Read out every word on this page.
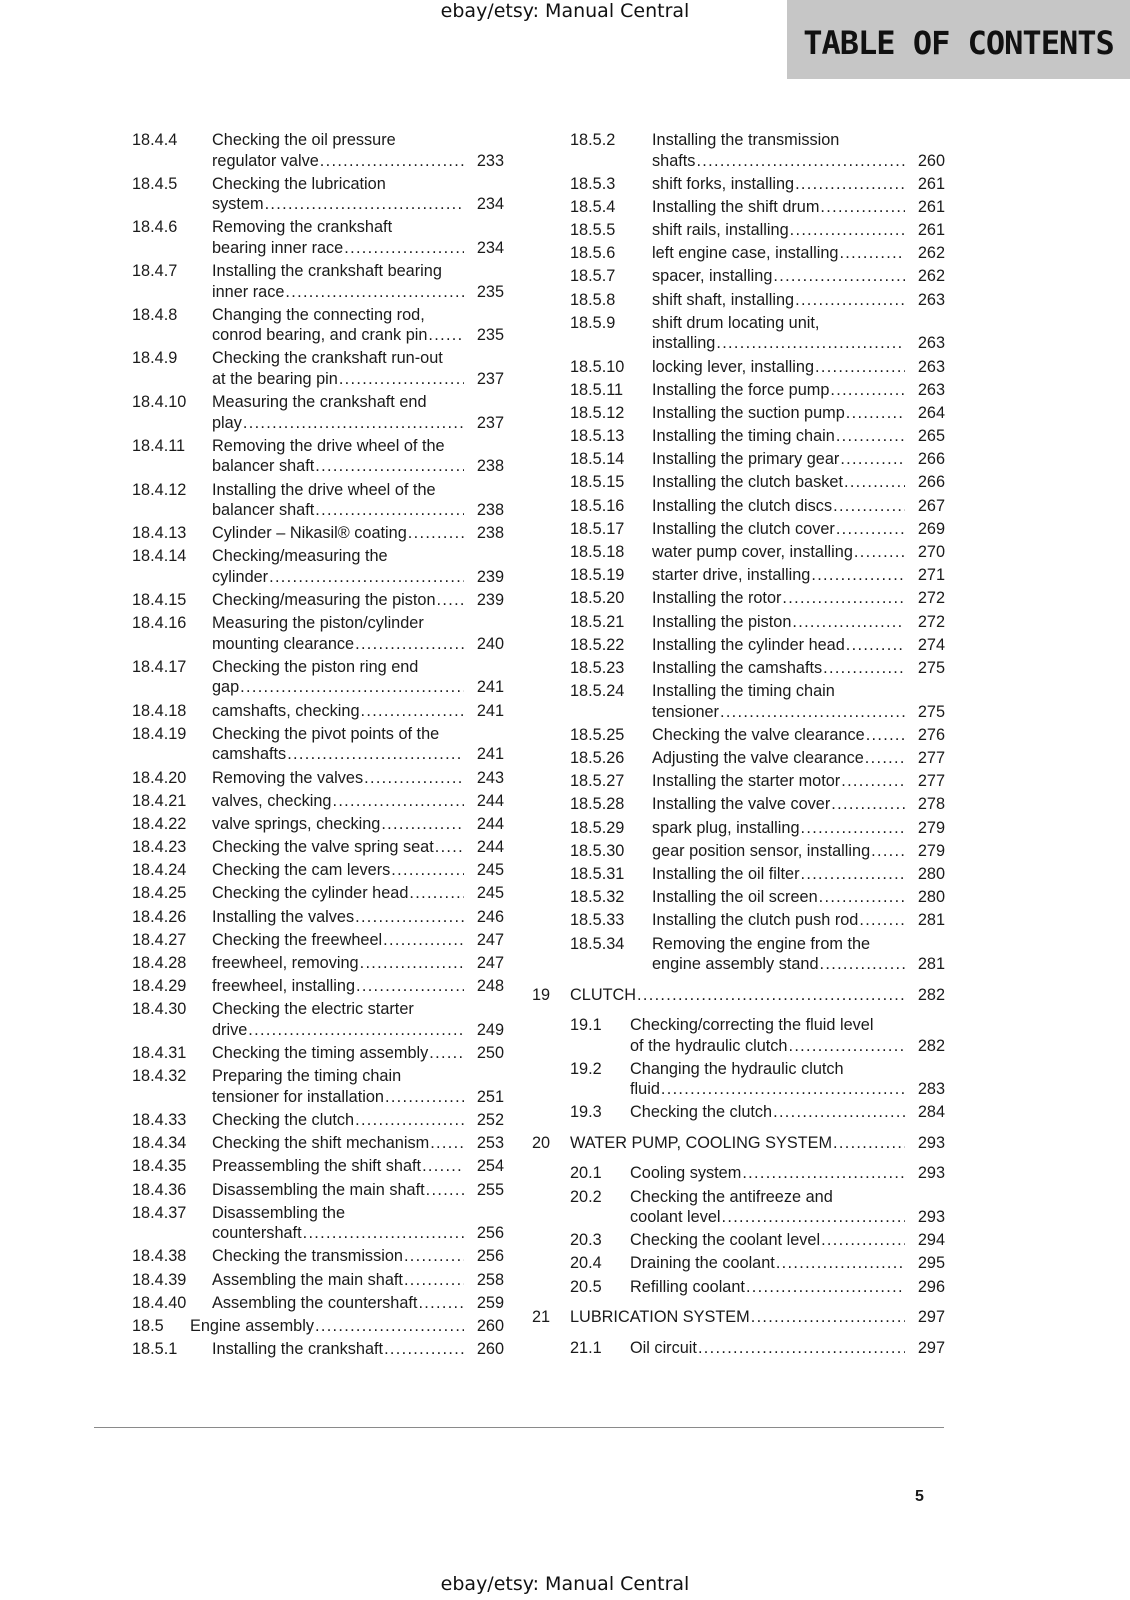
ebay/etsy: Manual Central
TABLE OF CONTENTS
18.4.4 Checking the oil pressure
regulator valve . . .	233
18.4.5 Checking the lubrication
system . . .	234
18.4.6 Removing the crankshaft
bearing inner race . . .	234
18.4.7 Installing the crankshaft bearing
inner race . . .	235
18.4.8 Changing the connecting rod,
conrod bearing, and crank pin . . .	235
18.4.9 Checking the crankshaft run-out
at the bearing pin . . .	237
18.4.10 Measuring the crankshaft end
play . . .	237
18.4.11 Removing the drive wheel of the
balancer shaft . . .	238
18.4.12 Installing the drive wheel of the
balancer shaft . . .	238
18.4.13 Cylinder – Nikasil® coating . . .	238
18.4.14 Checking/measuring the
cylinder . . .	239
18.4.15 Checking/measuring the piston . . .	239
18.4.16 Measuring the piston/cylinder
mounting clearance . . .	240
18.4.17 Checking the piston ring end
gap . . .	241
18.4.18 camshafts, checking . . .	241
18.4.19 Checking the pivot points of the
camshafts . . .	241
18.4.20 Removing the valves . . .	243
18.4.21 valves, checking . . .	244
18.4.22 valve springs, checking . . .	244
18.4.23 Checking the valve spring seat . . .	244
18.4.24 Checking the cam levers . . .	245
18.4.25 Checking the cylinder head . . .	245
18.4.26 Installing the valves . . .	246
18.4.27 Checking the freewheel . . .	247
18.4.28 freewheel, removing . . .	247
18.4.29 freewheel, installing . . .	248
18.4.30 Checking the electric starter
drive . . .	249
18.4.31 Checking the timing assembly . . .	250
18.4.32 Preparing the timing chain
tensioner for installation . . .	251
18.4.33 Checking the clutch . . .	252
18.4.34 Checking the shift mechanism . . .	253
18.4.35 Preassembling the shift shaft . . .	254
18.4.36 Disassembling the main shaft . . .	255
18.4.37 Disassembling the
countershaft . . .	256
18.4.38 Checking the transmission . . .	256
18.4.39 Assembling the main shaft . . .	258
18.4.40 Assembling the countershaft . . .	259
18.5 Engine assembly . . .	260
18.5.1 Installing the crankshaft . . .	260
18.5.2 Installing the transmission
shafts . . .	260
18.5.3 shift forks, installing . . .	261
18.5.4 Installing the shift drum . . .	261
18.5.5 shift rails, installing . . .	261
18.5.6 left engine case, installing . . .	262
18.5.7 spacer, installing . . .	262
18.5.8 shift shaft, installing . . .	263
18.5.9 shift drum locating unit,
installing . . .	263
18.5.10 locking lever, installing . . .	263
18.5.11 Installing the force pump . . .	263
18.5.12 Installing the suction pump . . .	264
18.5.13 Installing the timing chain . . .	265
18.5.14 Installing the primary gear . . .	266
18.5.15 Installing the clutch basket . . .	266
18.5.16 Installing the clutch discs . . .	267
18.5.17 Installing the clutch cover . . .	269
18.5.18 water pump cover, installing . . .	270
18.5.19 starter drive, installing . . .	271
18.5.20 Installing the rotor . . .	272
18.5.21 Installing the piston . . .	272
18.5.22 Installing the cylinder head . . .	274
18.5.23 Installing the camshafts . . .	275
18.5.24 Installing the timing chain
tensioner . . .	275
18.5.25 Checking the valve clearance . . .	276
18.5.26 Adjusting the valve clearance . . .	277
18.5.27 Installing the starter motor . . .	277
18.5.28 Installing the valve cover . . .	278
18.5.29 spark plug, installing . . .	279
18.5.30 gear position sensor, installing . . .	279
18.5.31 Installing the oil filter . . .	280
18.5.32 Installing the oil screen . . .	280
18.5.33 Installing the clutch push rod . . .	281
18.5.34 Removing the engine from the
engine assembly stand . . .	281
19 CLUTCH . . .	282
19.1 Checking/correcting the fluid level
of the hydraulic clutch . . .	282
19.2 Changing the hydraulic clutch
fluid . . .	283
19.3 Checking the clutch . . .	284
20 WATER PUMP, COOLING SYSTEM . . .	293
20.1 Cooling system . . .	293
20.2 Checking the antifreeze and
coolant level . . .	293
20.3 Checking the coolant level . . .	294
20.4 Draining the coolant . . .	295
20.5 Refilling coolant . . .	296
21 LUBRICATION SYSTEM . . .	297
21.1 Oil circuit . . .	297
5
ebay/etsy: Manual Central
